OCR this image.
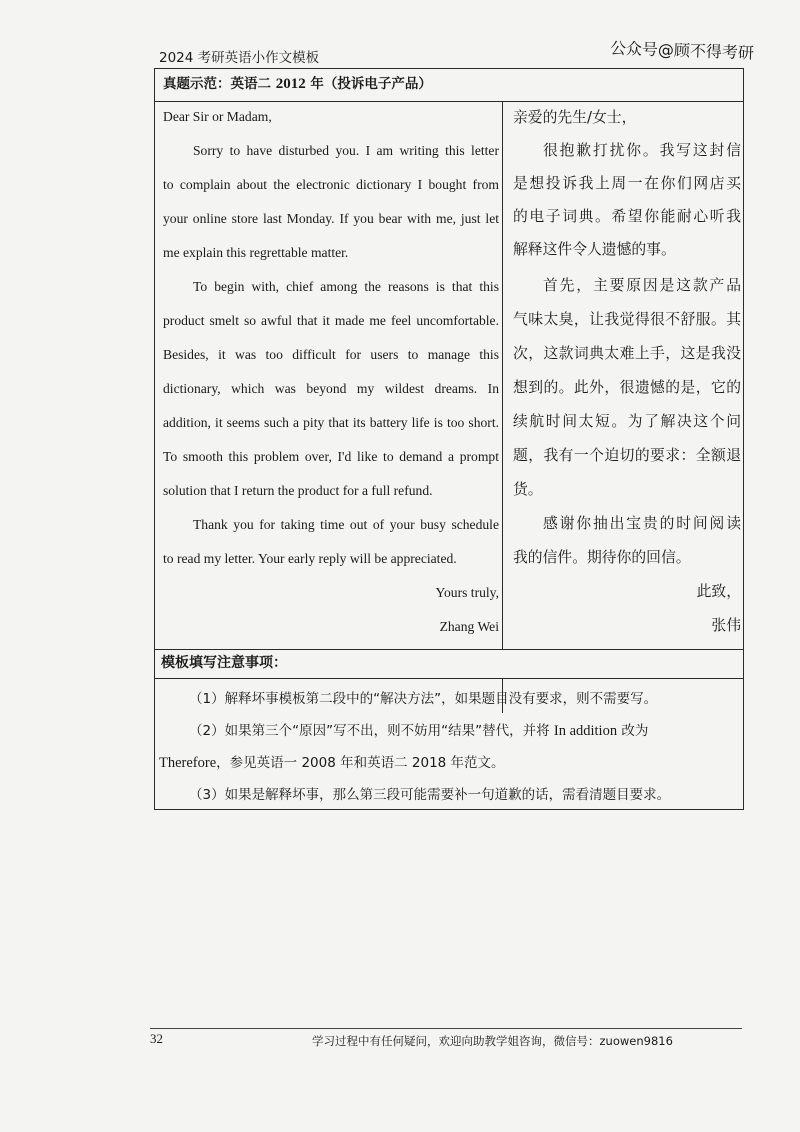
2024 考研英语小作文模板	公众号@顾不得考研
真题示范：英语二 2012 年（投诉电子产品）
Dear Sir or Madam,
Sorry to have disturbed you. I am writing this letter
to complain about the electronic dictionary I bought from
your online store last Monday. If you bear with me, just let
me explain this regrettable matter.
To begin with, chief among the reasons is that this
product smelt so awful that it made me feel uncomfortable.
Besides, it was too difficult for users to manage this
dictionary, which was beyond my wildest dreams. In
addition, it seems such a pity that its battery life is too short.
To smooth this problem over, I'd like to demand a prompt
solution that I return the product for a full refund.
Thank you for taking time out of your busy schedule
to read my letter. Your early reply will be appreciated.
Yours truly,
Zhang Wei
亲爱的先生/女士，
很抱歉打扰你。我写这封信
是想投诉我上周一在你们网店买
的电子词典。希望你能耐心听我
解释这件令人遗憾的事。
首先，主要原因是这款产品
气味太臭，让我觉得很不舒服。其
次，这款词典太难上手，这是我没
想到的。此外，很遗憾的是，它的
续航时间太短。为了解决这个问
题，我有一个迫切的要求：全额退
货。
感谢你抽出宝贵的时间阅读
我的信件。期待你的回信。
此致，
张伟
模板填写注意事项：
（1）解释坏事模板第二段中的“解决方法”，如果题目没有要求，则不需要写。
（2）如果第三个“原因”写不出，则不妨用“结果”替代，并将 In addition 改为
Therefore，参见英语一 2008 年和英语二 2018 年范文。
（3）如果是解释坏事，那么第三段可能需要补一句道歉的话，需看清题目要求。
32	学习过程中有任何疑问，欢迎向助教学姐咨询，微信号：zuowen9816
